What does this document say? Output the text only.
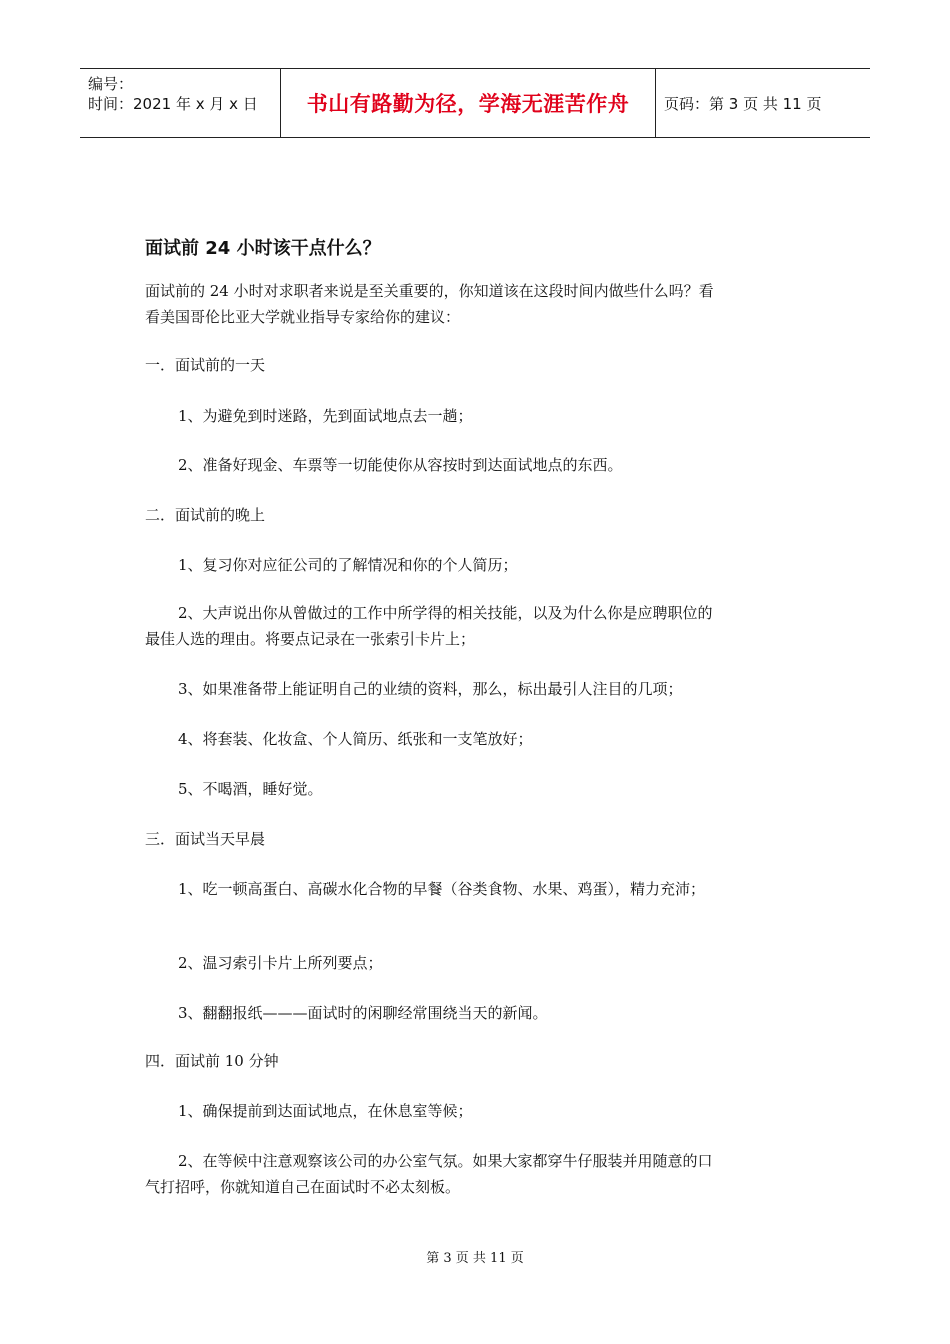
编号：
时间：2021 年 x 月 x 日	书山有路勤为径，学海无涯苦作舟	页码：第 3 页 共 11 页
面试前 24 小时该干点什么？
面试前的 24 小时对求职者来说是至关重要的，你知道该在这段时间内做些什么吗？看
看美国哥伦比亚大学就业指导专家给你的建议：
一．面试前的一天
1、为避免到时迷路，先到面试地点去一趟；
2、准备好现金、车票等一切能使你从容按时到达面试地点的东西。
二．面试前的晚上
1、复习你对应征公司的了解情况和你的个人简历；
2、大声说出你从曾做过的工作中所学得的相关技能，以及为什么你是应聘职位的
最佳人选的理由。将要点记录在一张索引卡片上；
3、如果准备带上能证明自己的业绩的资料，那么，标出最引人注目的几项；
4、将套装、化妆盒、个人简历、纸张和一支笔放好；
5、不喝酒，睡好觉。
三．面试当天早晨
1、吃一顿高蛋白、高碳水化合物的早餐（谷类食物、水果、鸡蛋），精力充沛；
2、温习索引卡片上所列要点；
3、翻翻报纸———面试时的闲聊经常围绕当天的新闻。
四．面试前 10 分钟
1、确保提前到达面试地点，在休息室等候；
2、在等候中注意观察该公司的办公室气氛。如果大家都穿牛仔服装并用随意的口
气打招呼，你就知道自己在面试时不必太刻板。
第 3 页 共 11 页
